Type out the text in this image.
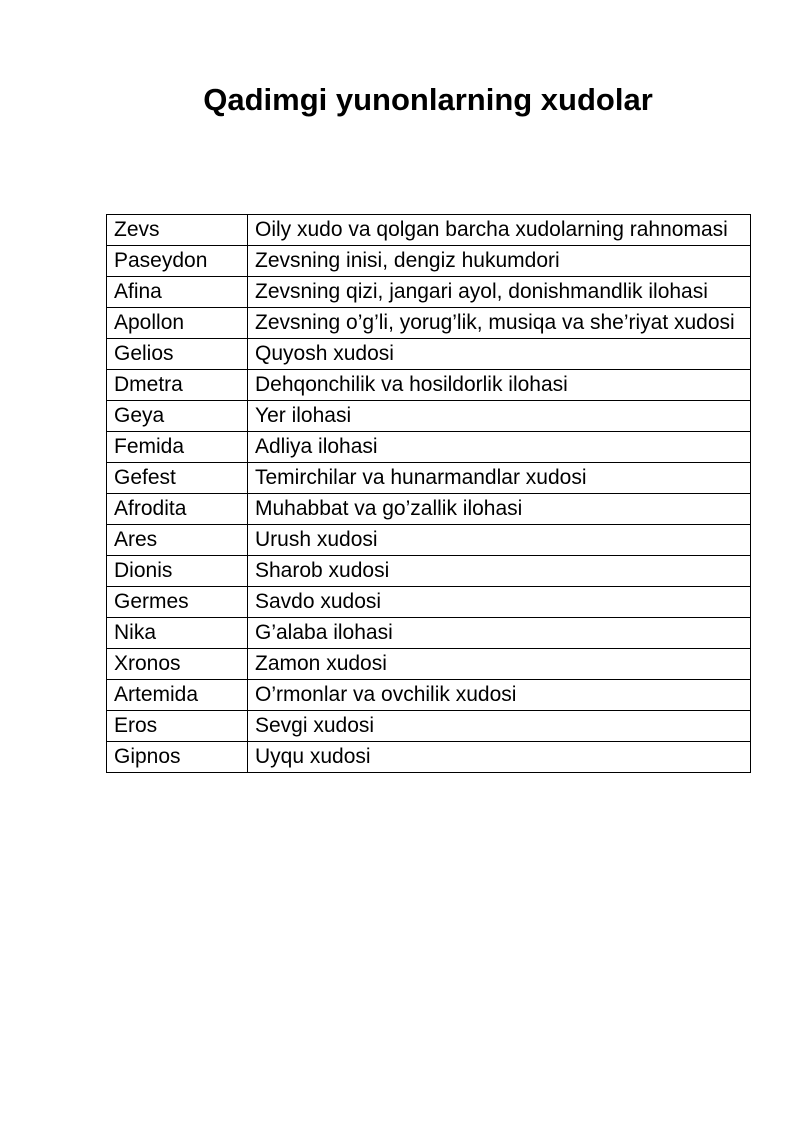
Qadimgi yunonlarning xudolar
Zevs	Oily xudo va qolgan barcha xudolarning rahnomasi
Paseydon	Zevsning inisi, dengiz hukumdori
Afina	Zevsning qizi, jangari ayol, donishmandlik ilohasi
Apollon	Zevsning o’g’li, yorug’lik, musiqa va she’riyat xudosi
Gelios	Quyosh xudosi
Dmetra	Dehqonchilik va hosildorlik ilohasi
Geya	Yer ilohasi
Femida	Adliya ilohasi
Gefest	Temirchilar va hunarmandlar xudosi
Afrodita	Muhabbat va go’zallik ilohasi
Ares	Urush xudosi
Dionis	Sharob xudosi
Germes	Savdo xudosi
Nika	G’alaba ilohasi
Xronos	Zamon xudosi
Artemida	O’rmonlar va ovchilik xudosi
Eros	Sevgi xudosi
Gipnos	Uyqu xudosi
